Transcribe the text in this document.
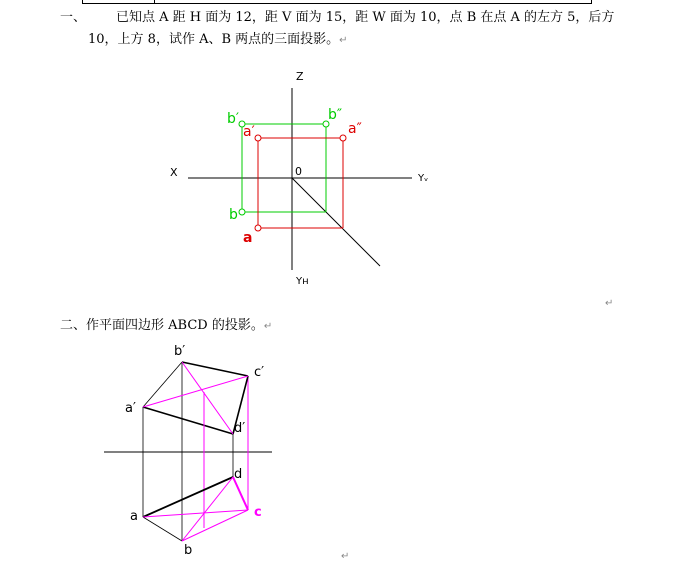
一、 已知点 A 距 H 面为 12，距 V 面为 15，距 W 面为 10，点 B 在点 A 的左方 5，后方
10，上方 8，试作 A、B 两点的三面投影。↵
Z
X	0
Yᵥ
Yʜ
b′	b″
b
a′	a″
a
↵
二、作平面四边形 ABCD 的投影。↵
b′
c′
a′
d′
d
a	c
b	↵
